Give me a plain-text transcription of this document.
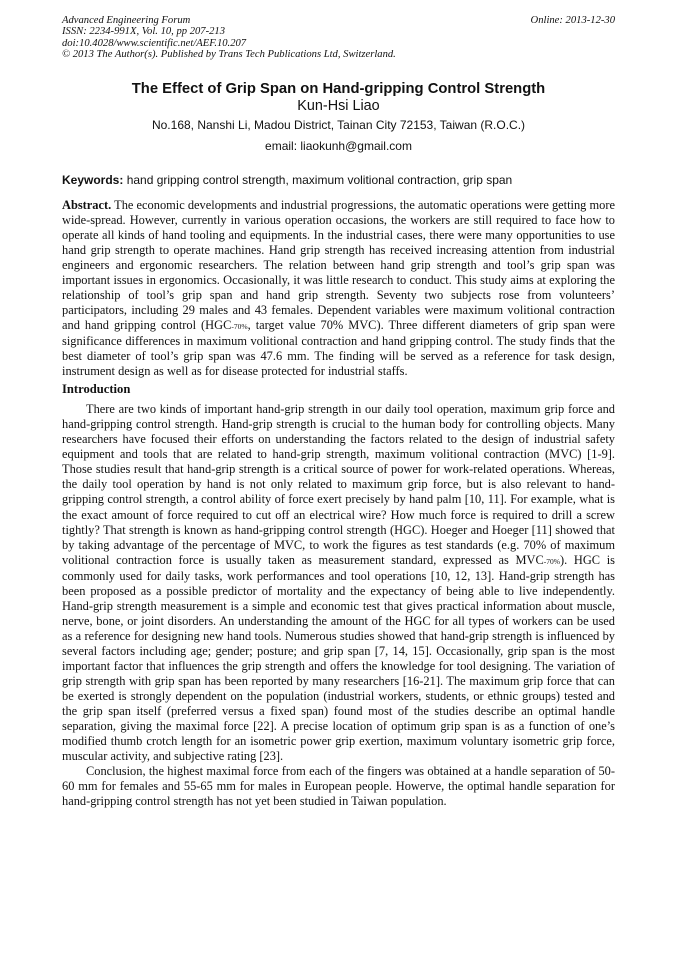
Advanced Engineering Forum
ISSN: 2234-991X, Vol. 10, pp 207-213
doi:10.4028/www.scientific.net/AEF.10.207
© 2013 The Author(s). Published by Trans Tech Publications Ltd, Switzerland.
Online: 2013-12-30
The Effect of Grip Span on Hand-gripping Control Strength
Kun-Hsi Liao
No.168, Nanshi Li, Madou District, Tainan City 72153, Taiwan (R.O.C.)
email: liaokunh@gmail.com
Keywords: hand gripping control strength, maximum volitional contraction, grip span
Abstract. The economic developments and industrial progressions, the automatic operations were getting more wide-spread. However, currently in various operation occasions, the workers are still required to face how to operate all kinds of hand tooling and equipments. In the industrial cases, there were many opportunities to use hand grip strength to operate machines. Hand grip strength has received increasing attention from industrial engineers and ergonomic researchers. The relation between hand grip strength and tool’s grip span was important issues in ergonomics. Occasionally, it was little research to conduct. This study aims at exploring the relationship of tool’s grip span and hand grip strength. Seventy two subjects rose from volunteers’ participators, including 29 males and 43 females. Dependent variables were maximum volitional contraction and hand gripping control (HGC-70%, target value 70% MVC). Three different diameters of grip span were significance differences in maximum volitional contraction and hand gripping control. The study finds that the best diameter of tool’s grip span was 47.6 mm. The finding will be served as a reference for task design, instrument design as well as for disease protected for industrial staffs.
Introduction
There are two kinds of important hand-grip strength in our daily tool operation, maximum grip force and hand-gripping control strength. Hand-grip strength is crucial to the human body for controlling objects. Many researchers have focused their efforts on understanding the factors related to the design of industrial safety equipment and tools that are related to hand-grip strength, maximum volitional contraction (MVC) [1-9]. Those studies result that hand-grip strength is a critical source of power for work-related operations. Whereas, the daily tool operation by hand is not only related to maximum grip force, but is also relevant to hand-gripping control strength, a control ability of force exert precisely by hand palm [10, 11]. For example, what is the exact amount of force required to cut off an electrical wire? How much force is required to drill a screw tightly? That strength is known as hand-gripping control strength (HGC). Hoeger and Hoeger [11] showed that by taking advantage of the percentage of MVC, to work the figures as test standards (e.g. 70% of maximum volitional contraction force is usually taken as measurement standard, expressed as MVC-70%). HGC is commonly used for daily tasks, work performances and tool operations [10, 12, 13]. Hand-grip strength has been proposed as a possible predictor of mortality and the expectancy of being able to live independently. Hand-grip strength measurement is a simple and economic test that gives practical information about muscle, nerve, bone, or joint disorders. An understanding the amount of the HGC for all types of workers can be used as a reference for designing new hand tools. Numerous studies showed that hand-grip strength is influenced by several factors including age; gender; posture; and grip span [7, 14, 15]. Occasionally, grip span is the most important factor that influences the grip strength and offers the knowledge for tool designing. The variation of grip strength with grip span has been reported by many researchers [16-21]. The maximum grip force that can be exerted is strongly dependent on the population (industrial workers, students, or ethnic groups) tested and the grip span itself (preferred versus a fixed span) found most of the studies describe an optimal handle separation, giving the maximal force [22]. A precise location of optimum grip span is as a function of one’s modified thumb crotch length for an isometric power grip exertion, maximum voluntary isometric grip force, muscular activity, and subjective rating [23].
Conclusion, the highest maximal force from each of the fingers was obtained at a handle separation of 50-60 mm for females and 55-65 mm for males in European people. Howerve, the optimal handle separation for hand-gripping control strength has not yet been studied in Taiwan population.
